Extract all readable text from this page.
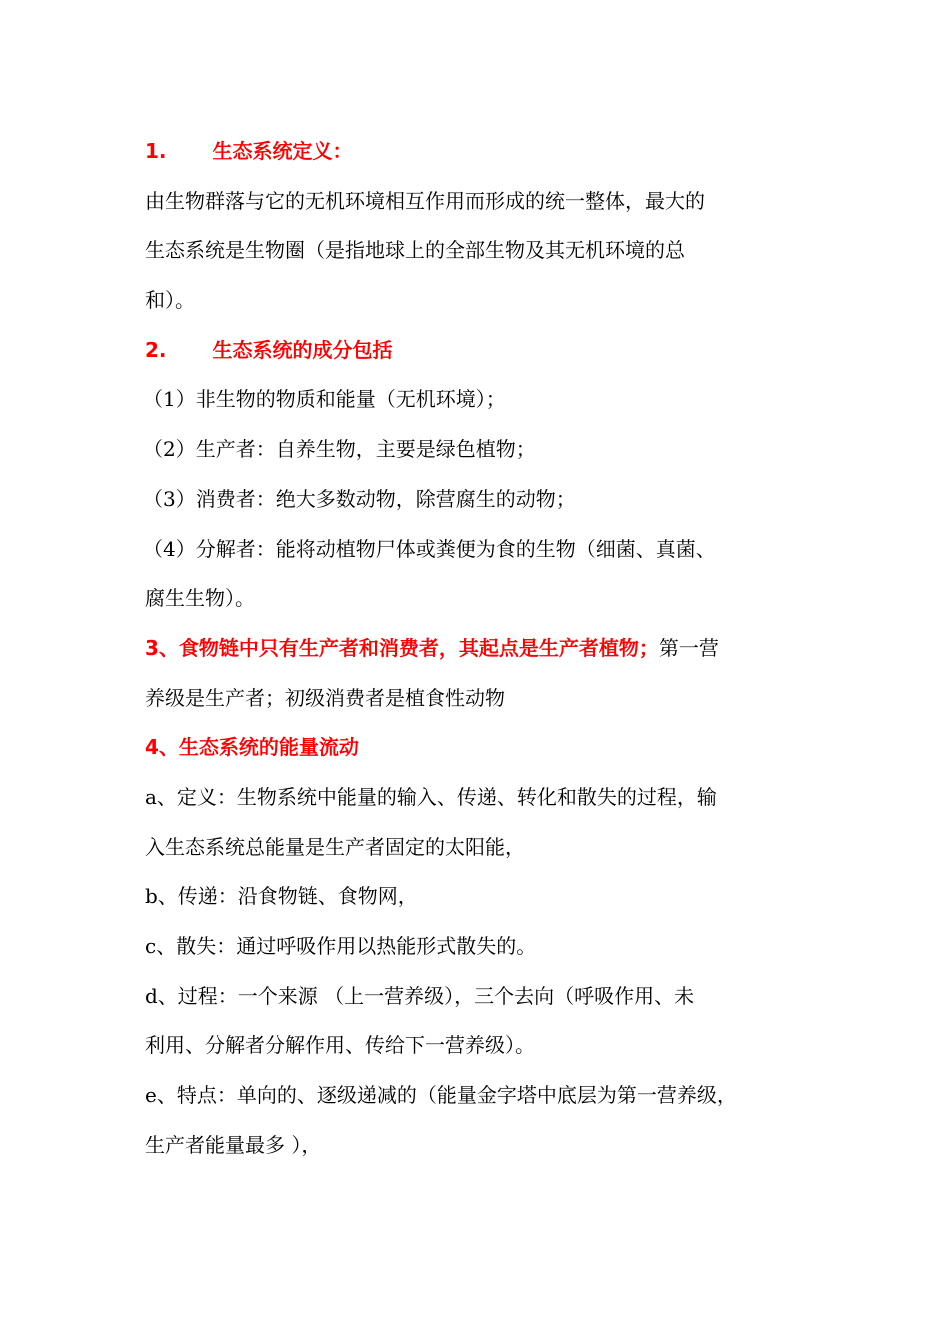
1. 生态系统定义：
由生物群落与它的无机环境相互作用而形成的统一整体，最大的
生态系统是生物圈（是指地球上的全部生物及其无机环境的总
和）。
2. 生态系统的成分包括
（1）非生物的物质和能量（无机环境）；
（2）生产者：自养生物，主要是绿色植物；
（3）消费者：绝大多数动物，除营腐生的动物；
（4）分解者：能将动植物尸体或粪便为食的生物（细菌、真菌、
腐生生物）。
3、食物链中只有生产者和消费者，其起点是生产者植物；第一营
养级是生产者；初级消费者是植食性动物
4、生态系统的能量流动
a、定义：生物系统中能量的输入、传递、转化和散失的过程，输
入生态系统总能量是生产者固定的太阳能，
b、传递：沿食物链、食物网，
c、散失：通过呼吸作用以热能形式散失的。
d、过程：一个来源 （上一营养级），三个去向（呼吸作用、未
利用、分解者分解作用、传给下一营养级）。
e、特点：单向的、逐级递减的（能量金字塔中底层为第一营养级，
生产者能量最多 ），
